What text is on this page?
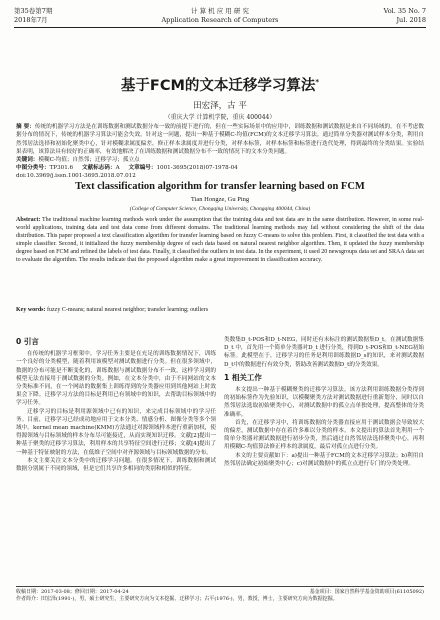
第35卷第7期
2018年7月
计 算 机 应 用 研 究
Application Research of Computers
Vol. 35 No. 7
Jul. 2018
基于FCM的文本迁移学习算法*
田宏泽，古 平
（重庆大学 计算机学院，重庆 400044）
摘 要：传统的机器学习方法是在训练数据和测试数据分布一致的前提下进行的，但在一些实际场景中的应用中，训练数据和测试数据是来自不同场域的。在不考虑数据分布的情况下，传统的机器学习算法可能会失效。针对这一问题，提出一种基于模糊C-均值(FCM)的文本迁移学习算法。通过简单分类器对测试样本分类，利用自然邻居法选择和初始化聚类中心，针对模糊隶属度偏差，修正样本隶属度并进行分类，对样本标签，对样本标签和标签进行迭代处理，得到最终的分类结果。实验结果表明，该算法具有较好的正确率，有效地解决了在训练数据和测试数据分布不一致的情况下的文本分类问题。
关键词：模糊C-均值；自然邻；迁移学习；孤立点
中图分类号：TP301.6 文献标志码：A 文章编号：1001-3695(2018)07-1978-04
doi:10.3969/j.issn.1001-3695.2018.07.012
Text classification algorithm for transfer learning based on FCM
Tian Hongze, Gu Ping
(College of Computer Science, Chongqing University, Chongqing 400044, China)
Abstract: The traditional machine learning methods work under the assumption that the training data and test data are in the same distribution. However, in some real-world applications, training data and test data come from different domains. The traditional learning methods may fail without considering the shift of the data distribution. This paper proposed a text classification algorithm for transfer learning based on fuzzy C-means to solve this problem. First, it classified the test data with a simple classifier. Second, it initialized the fuzzy membership degree of each data based on natural nearest neighbor algorithm. Then, it updated the fuzzy membership degree based on FCM and refined the labels of test data. Finally, it classified the outliers in test data. In the experiment, it used 20 newsgroups data set and SRAA data set to evaluate the algorithm. The results indicate that the proposed algorithm make a great improvement in classification accuracy.
Key words: fuzzy C-means; natural nearest neighbor; transfer learning; outliers
0 引言

在传统的机器学习框架中，学习任务主要是在充足的训练数据情况下，训练一个良好的分类模型，随着利用该模型对测试数据进行分类。但在很多领域中，数据的分布可能是不断变化的，训练数据与测试数据分布不一致，这样学习到的模型无法直接用于测试数据的分类。例如，在文本分类中，由于不同网站的文本分类标准不同，在一个网站的数据集上训练得到的分类器应用到其他网站上时效果会下降。迁移学习方法的目标是利用已有领域中的知识，去帮助目标领域中的学习任务。

迁移学习的目标是利用源领域中已有的知识，来完成目标领域中的学习任务。目前，迁移学习已经成功地应用于文本分类、情感分析、图像分类等多个领域中。kernel mean machine(KMM)方法通过对源领域样本进行重新加权，使得源领域与目标领域的样本分布尽可能接近，从而实现知识迁移。文献[2]提出一种基于聚类的迁移学习算法，利用样本的共享特征空间进行迁移；文献[4]提出了一种基于特征映射的方法，在低维子空间中对齐源领域与目标领域数据的分布。

本文主要关注文本分类中的迁移学习问题。在很多情况下，训练数据和测试数据分别属于不同的领域，但是它们共享许多相同的类别和相似的特征。

类数集D_t-POS和D_t-NEG，同时还有未标注的测试数据集D_t。在测试数据集D_t 中，首先用一个简单分类器对D_t 进行分类，得到D_t-POS和D_t-NEG初始标签。此模型在于，迁移学习的任务是利用训练数据D_s的知识，来对测试数据D_t中的数据进行有效分类，帮助改善测试数据D_t的分类效果。

1 相关工作

本文提出一种基于模糊聚类的迁移学习算法。该方法利用训练数据分类得到的初始标签作为先验知识，以模糊聚类方法对测试数据进行重新划分，同时以自然邻居法选取初始聚类中心，对测试数据中的孤立点单独处理，提高整体的分类准确率。

首先，在迁移学习中，将训练数据的分类器直接应用于测试数据会导致较大的偏差，测试数据中存在着许多难以分类的样本。本文提出的算法首先利用一个简单分类器对测试数据进行初步分类，然后通过自然邻居法选择聚类中心，再利用模糊C-均值算法修正样本的隶属度，最后对孤立点进行分类。

本文的主要贡献如下：a)提出一种基于FCM的文本迁移学习算法；b)利用自然邻居法确定初始聚类中心；c)对测试数据中的孤立点进行专门的分类处理。

收稿日期：2017-03-08；修回日期：2017-04-24	基金项目：国家自然科学基金资助项目(61105092)
作者简介：田宏泽(1991-)，男，硕士研究生，主要研究方向为文本挖掘、迁移学习；古平(1976-)，男，教授，博士，主要研究方向为数据挖掘。
